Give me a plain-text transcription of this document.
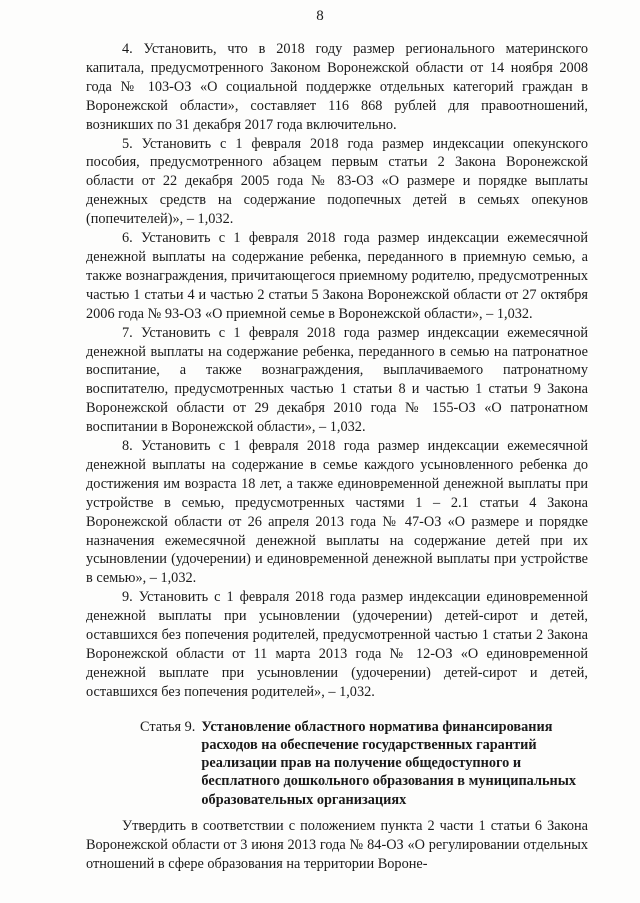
8

4. Установить, что в 2018 году размер регионального материнского капитала, предусмотренного Законом Воронежской области от 14 ноября 2008 года № 103-ОЗ «О социальной поддержке отдельных категорий граждан в Воронежской области», составляет 116 868 рублей для правоотношений, возникших по 31 декабря 2017 года включительно.

5. Установить с 1 февраля 2018 года размер индексации опекунского пособия, предусмотренного абзацем первым статьи 2 Закона Воронежской области от 22 декабря 2005 года № 83-ОЗ «О размере и порядке выплаты денежных средств на содержание подопечных детей в семьях опекунов (попечителей)», – 1,032.

6. Установить с 1 февраля 2018 года размер индексации ежемесячной денежной выплаты на содержание ребенка, переданного в приемную семью, а также вознаграждения, причитающегося приемному родителю, предусмотренных частью 1 статьи 4 и частью 2 статьи 5 Закона Воронежской области от 27 октября 2006 года № 93-ОЗ «О приемной семье в Воронежской области», – 1,032.

7. Установить с 1 февраля 2018 года размер индексации ежемесячной денежной выплаты на содержание ребенка, переданного в семью на патронатное воспитание, а также вознаграждения, выплачиваемого патронатному воспитателю, предусмотренных частью 1 статьи 8 и частью 1 статьи 9 Закона Воронежской области от 29 декабря 2010 года № 155-ОЗ «О патронатном воспитании в Воронежской области», – 1,032.

8. Установить с 1 февраля 2018 года размер индексации ежемесячной денежной выплаты на содержание в семье каждого усыновленного ребенка до достижения им возраста 18 лет, а также единовременной денежной выплаты при устройстве в семью, предусмотренных частями 1 – 2.1 статьи 4 Закона Воронежской области от 26 апреля 2013 года № 47-ОЗ «О размере и порядке назначения ежемесячной денежной выплаты на содержание детей при их усыновлении (удочерении) и единовременной денежной выплаты при устройстве в семью», – 1,032.

9. Установить с 1 февраля 2018 года размер индексации единовременной денежной выплаты при усыновлении (удочерении) детей-сирот и детей, оставшихся без попечения родителей, предусмотренной частью 1 статьи 2 Закона Воронежской области от 11 марта 2013 года № 12-ОЗ «О единовременной денежной выплате при усыновлении (удочерении) детей-сирот и детей, оставшихся без попечения родителей», – 1,032.

Статья 9. Установление областного норматива финансирования расходов на обеспечение государственных гарантий реализации прав на получение общедоступного и бесплатного дошкольного образования в муниципальных образовательных организациях

Утвердить в соответствии с положением пункта 2 части 1 статьи 6 Закона Воронежской области от 3 июня 2013 года № 84-ОЗ «О регулировании отдельных отношений в сфере образования на территории Вороне-
